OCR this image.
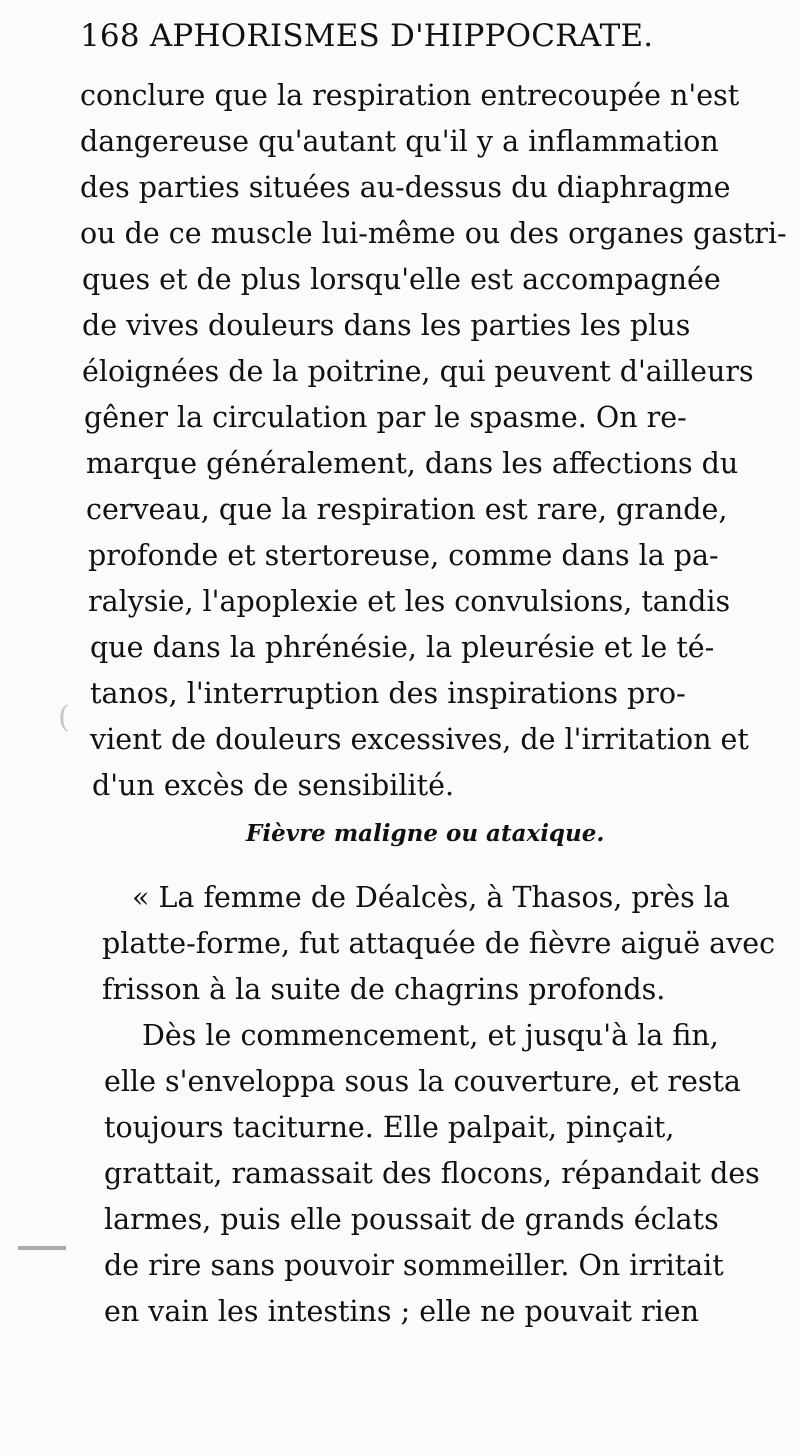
168 APHORISMES D'HIPPOCRATE.
conclure que la respiration entrecoupée n'est
dangereuse qu'autant qu'il y a inflammation
des parties situées au-dessus du diaphragme
ou de ce muscle lui-même ou des organes gastri-
ques et de plus lorsqu'elle est accompagnée
de vives douleurs dans les parties les plus
éloignées de la poitrine, qui peuvent d'ailleurs
gêner la circulation par le spasme. On re-
marque généralement, dans les affections du
cerveau, que la respiration est rare, grande,
profonde et stertoreuse, comme dans la pa-
ralysie, l'apoplexie et les convulsions, tandis
que dans la phrénésie, la pleurésie et le té-
tanos, l'interruption des inspirations pro-
vient de douleurs excessives, de l'irritation et
d'un excès de sensibilité.
Fièvre maligne ou ataxique.
« La femme de Déalcès, à Thasos, près la
platte-forme, fut attaquée de fièvre aiguë avec
frisson à la suite de chagrins profonds.
Dès le commencement, et jusqu'à la fin,
elle s'enveloppa sous la couverture, et resta
toujours taciturne. Elle palpait, pinçait,
grattait, ramassait des flocons, répandait des
larmes, puis elle poussait de grands éclats
de rire sans pouvoir sommeiller. On irritait
en vain les intestins ; elle ne pouvait rien
(
